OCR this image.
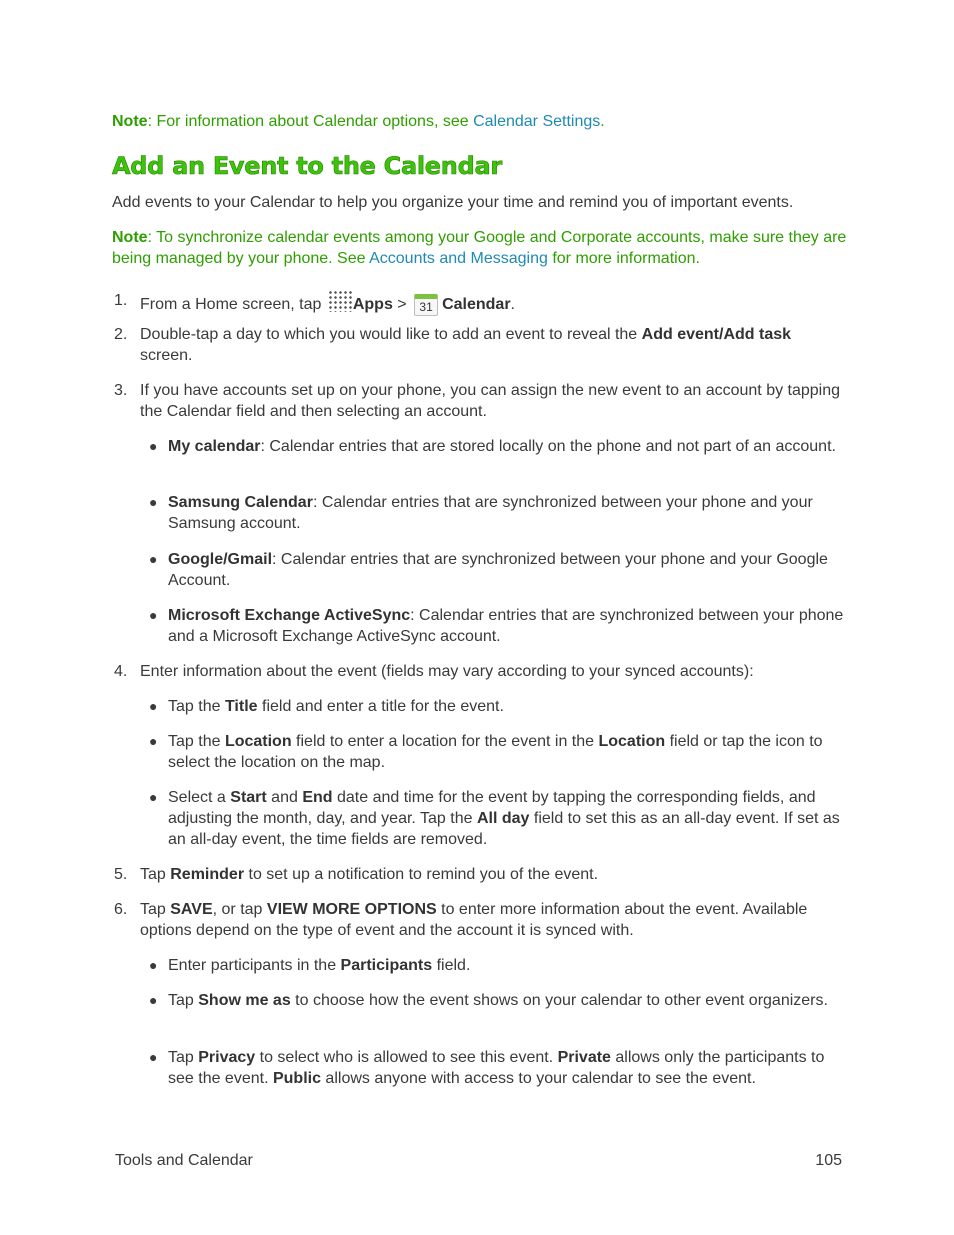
Note: For information about Calendar options, see Calendar Settings.
Add an Event to the Calendar
Add events to your Calendar to help you organize your time and remind you of important events.
Note: To synchronize calendar events among your Google and Corporate accounts, make sure they are being managed by your phone. See Accounts and Messaging for more information.
1. From a Home screen, tap Apps > 31 Calendar.
2. Double-tap a day to which you would like to add an event to reveal the Add event/Add task screen.
3. If you have accounts set up on your phone, you can assign the new event to an account by tapping the Calendar field and then selecting an account.
● My calendar: Calendar entries that are stored locally on the phone and not part of an account.
● Samsung Calendar: Calendar entries that are synchronized between your phone and your Samsung account.
● Google/Gmail: Calendar entries that are synchronized between your phone and your Google Account.
● Microsoft Exchange ActiveSync: Calendar entries that are synchronized between your phone and a Microsoft Exchange ActiveSync account.
4. Enter information about the event (fields may vary according to your synced accounts):
● Tap the Title field and enter a title for the event.
● Tap the Location field to enter a location for the event in the Location field or tap the icon to select the location on the map.
● Select a Start and End date and time for the event by tapping the corresponding fields, and adjusting the month, day, and year. Tap the All day field to set this as an all-day event. If set as an all-day event, the time fields are removed.
5. Tap Reminder to set up a notification to remind you of the event.
6. Tap SAVE, or tap VIEW MORE OPTIONS to enter more information about the event. Available options depend on the type of event and the account it is synced with.
● Enter participants in the Participants field.
● Tap Show me as to choose how the event shows on your calendar to other event organizers.
● Tap Privacy to select who is allowed to see this event. Private allows only the participants to see the event. Public allows anyone with access to your calendar to see the event.
Tools and Calendar	105
